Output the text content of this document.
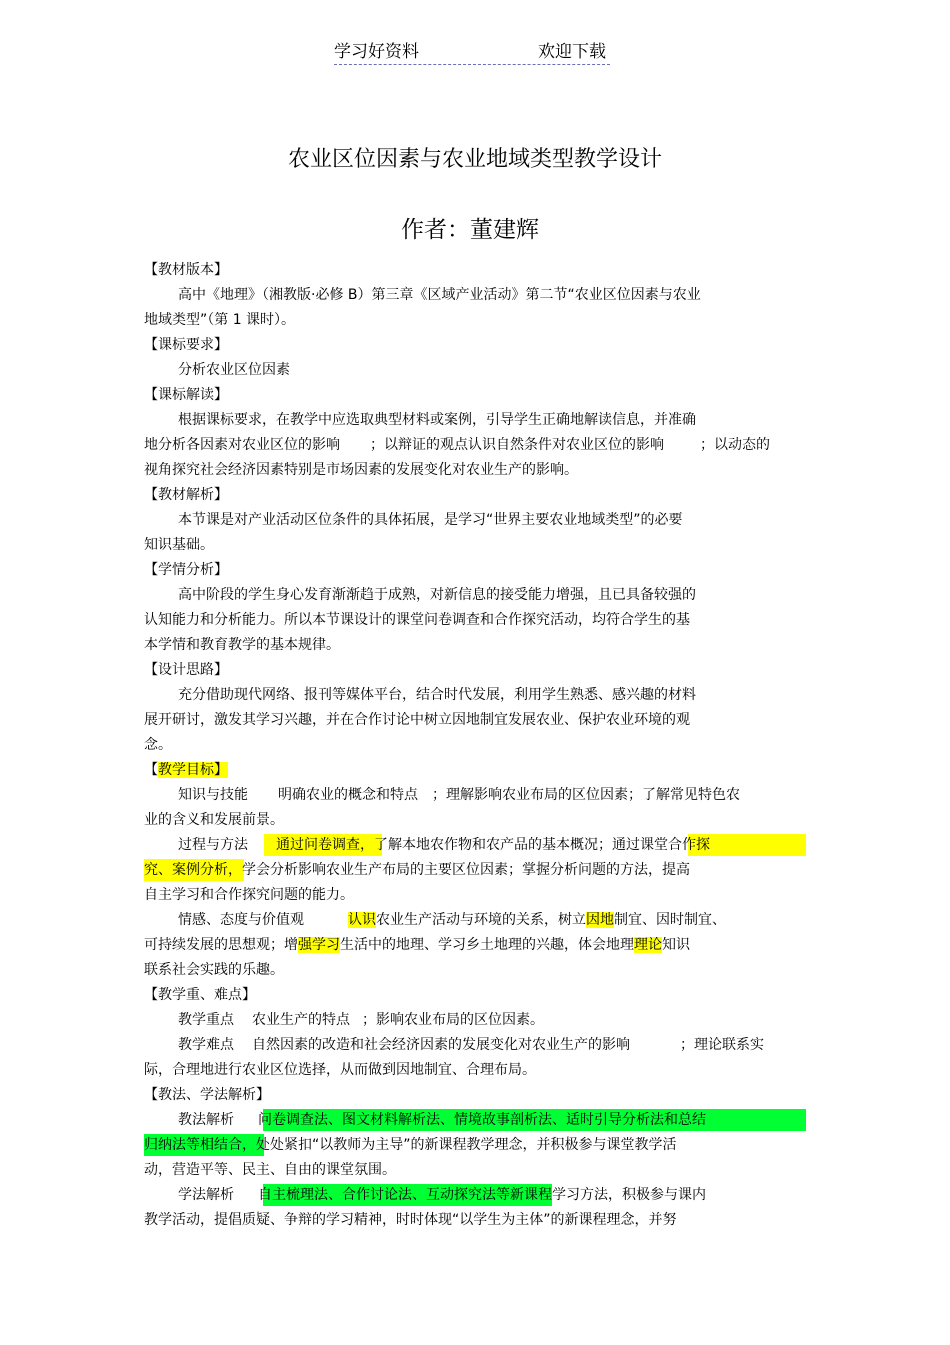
学习好资料	欢迎下载
农业区位因素与农业地域类型教学设计
作者：董建辉
【教材版本】
高中《地理》（湘教版·必修 B）第三章《区域产业活动》第二节“农业区位因素与农业
地域类型”（第 1 课时）。
【课标要求】
分析农业区位因素
【课标解读】
根据课标要求，在教学中应选取典型材料或案例，引导学生正确地解读信息，并准确
地分析各因素对农业区位的影响 ；以辩证的观点认识自然条件对农业区位的影响	；以动态的
视角探究社会经济因素特别是市场因素的发展变化对农业生产的影响。
【教材解析】
本节课是对产业活动区位条件的具体拓展，是学习“世界主要农业地域类型”的必要
知识基础。
【学情分析】
高中阶段的学生身心发育渐渐趋于成熟，对新信息的接受能力增强，且已具备较强的
认知能力和分析能力。所以本节课设计的课堂问卷调查和合作探究活动，均符合学生的基
本学情和教育教学的基本规律。
【设计思路】
充分借助现代网络、报刊等媒体平台，结合时代发展，利用学生熟悉、感兴趣的材料
展开研讨，激发其学习兴趣，并在合作讨论中树立因地制宜发展农业、保护农业环境的观
念。
【教学目标】
知识与技能 明确农业的概念和特点 ；理解影响农业布局的区位因素；了解常见特色农
业的含义和发展前景。
过程与方法 通过问卷调查，了解本地农作物和农产品的基本概况；通过课堂合作探
究、案例分析，学会分析影响农业生产布局的主要区位因素；掌握分析问题的方法，提高
自主学习和合作探究问题的能力。
情感、态度与价值观	认识农业生产活动与环境的关系，树立因地制宜、因时制宜、
可持续发展的思想观；增强学习生活中的地理、学习乡土地理的兴趣，体会地理理论知识
联系社会实践的乐趣。
【教学重、难点】
教学重点 农业生产的特点 ；影响农业布局的区位因素。
教学难点 自然因素的改造和社会经济因素的发展变化对农业生产的影响	；理论联系实
际，合理地进行农业区位选择，从而做到因地制宜、合理布局。
【教法、学法解析】
教法解析 问卷调查法、图文材料解析法、情境故事剖析法、适时引导分析法和总结
归纳法等相结合，处处紧扣“以教师为主导”的新课程教学理念，并积极参与课堂教学活
动，营造平等、民主、自由的课堂氛围。
学法解析 自主梳理法、合作讨论法、互动探究法等新课程学习方法，积极参与课内
教学活动，提倡质疑、争辩的学习精神，时时体现“以学生为主体”的新课程理念，并努
